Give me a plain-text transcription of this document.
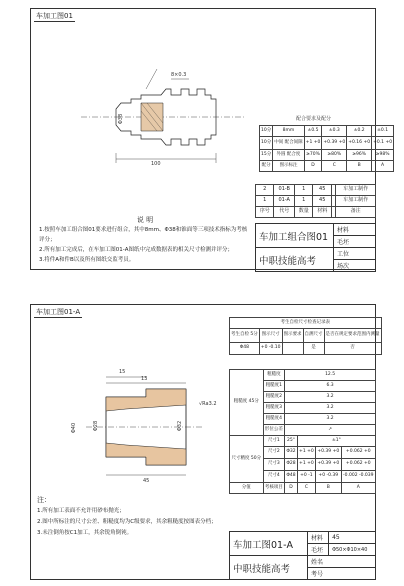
车加工图01
8×0.3
100
Φ38	配合要求及配分
10分	8mm	±0.5	±0.3	±0.2	±0.1
10分	中间 配合间隙	+1 +0	+0.39 +0	+0.16 +0	+0.1 +0
15分	外圆 配合度	≥70%	≥80%	≥96%	≥98%
配分	图示标注	D	C	B	A
2	01-B	1	45		车加工制作
1	01-A	1	45		车加工制作
序号	代号	数量	材料		备注
说 明
1.按照车加工组合图01要求进行组合，其中8mm、Φ38和锥面等三项技术指标为考核评分；
2.所有加工完成后，在车加工图01-A图纸中完成数据表的相关尺寸检测并评分；
3.将件A和件B以及所有图纸交监考员。
车加工组合图01	材料
	毛坯
中职技能高考	工位
	场次
车加工图01-A
45
15
13
Φ40	Φ28	Φ32
√Ra3.2
考生自检尺寸检查记录表				
考生自检 5分	图示尺寸	图示要求	自测尺寸	是否在规定要求范围内测量
Φ48	+0 -0.10		是	否
粗糙度 45分	粗糙度	12.5			
	粗糙度1	6.3			
	粗糙度2	3.2			
	粗糙度3	3.2			
	粗糙度4	3.2			
	形位公差	↗			
尺寸精度 50分	尺寸1	25°	±1°		
	尺寸2	Φ32	+1 +0	+0.39 +0	+0.062 +0
	尺寸3	Φ28	+1 +0	+0.39 +0	+0.062 +0
	尺寸4	Φ48	+0 -1	+0 -0.39	-0.002 -0.039
分值	考核项目	D	C	B	A
注：
1.所有加工表面不允许用砂布抛光；
2.图中所标注的尺寸公差、粗糙度均为C级要求，其余粗糙度按图表分档；
3.未注倒角按C1加工，其余锐角倒钝。
车加工图01-A	材料	45
	毛坯	Φ50×Φ10×40
中职技能高考	姓名	
	考号	
